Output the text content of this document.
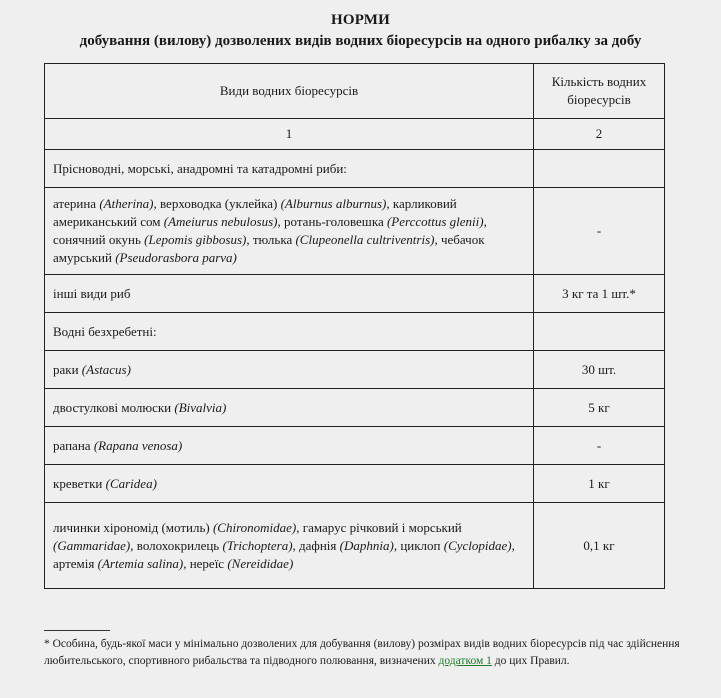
НОРМИ
добування (вилову) дозволених видів водних біоресурсів на одного рибалку за добу
Види водних біоресурсів	Кількість водних біоресурсів
1	2
Прісноводні, морські, анадромні та катадромні риби:	
атерина (Atherina), верховодка (уклейка) (Alburnus alburnus), карликовий американський сом (Ameiurus nebulosus), ротань-головешка (Perccottus glenii), сонячний окунь (Lepomis gibbosus), тюлька (Clupeonella cultriventris), чебачок амурський (Pseudorasbora parva)	-
інші види риб	3 кг та 1 шт.*
Водні безхребетні:	
раки (Astacus)	30 шт.
двостулкові молюски (Bivalvia)	5 кг
рапана (Rapana venosa)	-
креветки (Caridea)	1 кг
личинки хірономід (мотиль) (Chironomidae), гамарус річковий і морський (Gammaridae), волохокрилець (Trichoptera), дафнія (Daphnia), циклоп (Cyclopidae), артемія (Artemia salina), нереїс (Nereididae)	0,1 кг

* Особина, будь-якої маси у мінімально дозволених для добування (вилову) розмірах видів водних біоресурсів під час здійснення любительського, спортивного рибальства та підводного полювання, визначених додатком 1 до цих Правил.
